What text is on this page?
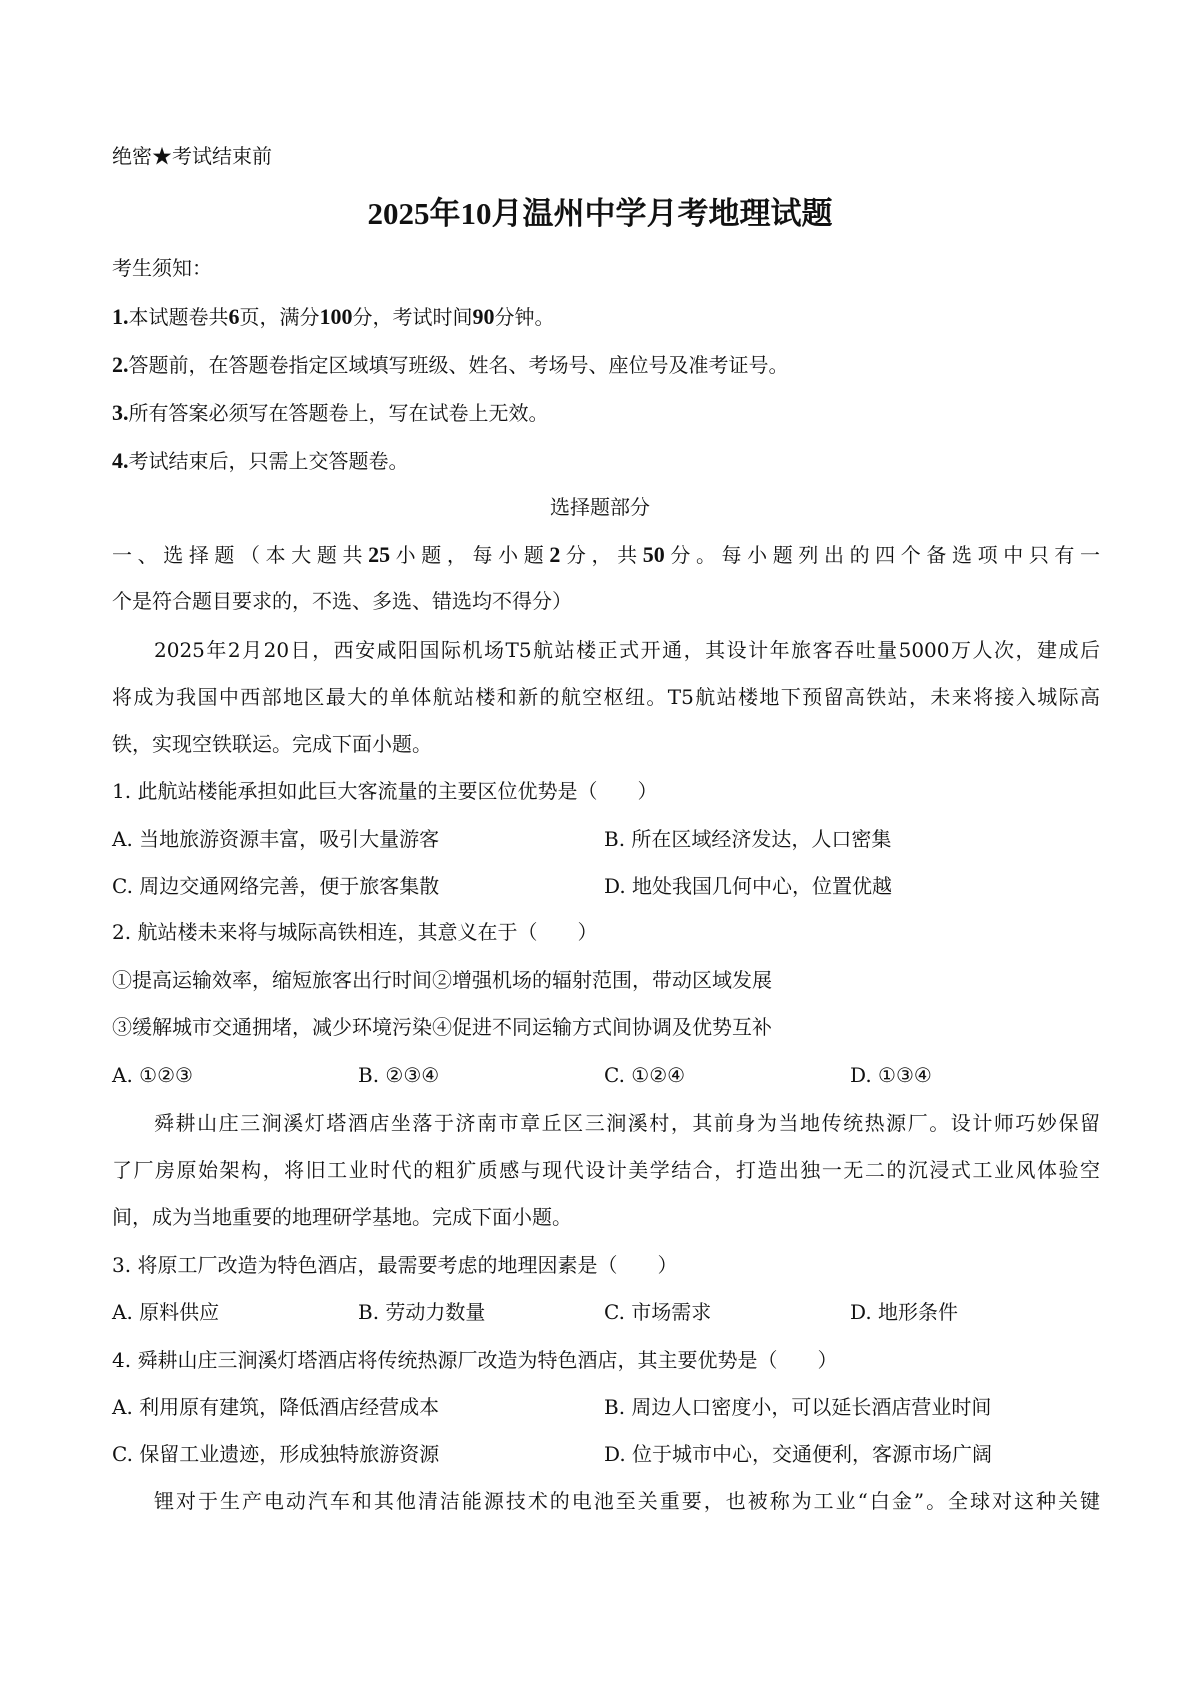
绝密★考试结束前
2025年10月温州中学月考地理试题
考生须知：
1.本试题卷共6页，满分100分，考试时间90分钟。
2.答题前，在答题卷指定区域填写班级、姓名、考场号、座位号及准考证号。
3.所有答案必须写在答题卷上，写在试卷上无效。
4.考试结束后，只需上交答题卷。
选择题部分
一、选择题（本大题共25小题，每小题2分，共50分。每小题列出的四个备选项中只有一
个是符合题目要求的，不选、多选、错选均不得分）
2025年2月20日，西安咸阳国际机场T5航站楼正式开通，其设计年旅客吞吐量5000万人次，建成后
将成为我国中西部地区最大的单体航站楼和新的航空枢纽。T5航站楼地下预留高铁站，未来将接入城际高
铁，实现空铁联运。完成下面小题。
1. 此航站楼能承担如此巨大客流量的主要区位优势是（　　）
A. 当地旅游资源丰富，吸引大量游客	B. 所在区域经济发达，人口密集
C. 周边交通网络完善，便于旅客集散	D. 地处我国几何中心，位置优越
2. 航站楼未来将与城际高铁相连，其意义在于（　　）
①提高运输效率，缩短旅客出行时间②增强机场的辐射范围，带动区域发展
③缓解城市交通拥堵，减少环境污染④促进不同运输方式间协调及优势互补
A. ①②③	B. ②③④	C. ①②④	D. ①③④
舜耕山庄三涧溪灯塔酒店坐落于济南市章丘区三涧溪村，其前身为当地传统热源厂。设计师巧妙保留
了厂房原始架构，将旧工业时代的粗犷质感与现代设计美学结合，打造出独一无二的沉浸式工业风体验空
间，成为当地重要的地理研学基地。完成下面小题。
3. 将原工厂改造为特色酒店，最需要考虑的地理因素是（　　）
A. 原料供应	B. 劳动力数量	C. 市场需求	D. 地形条件
4. 舜耕山庄三涧溪灯塔酒店将传统热源厂改造为特色酒店，其主要优势是（　　）
A. 利用原有建筑，降低酒店经营成本	B. 周边人口密度小，可以延长酒店营业时间
C. 保留工业遗迹，形成独特旅游资源	D. 位于城市中心，交通便利，客源市场广阔
锂对于生产电动汽车和其他清洁能源技术的电池至关重要，也被称为工业“白金”。全球对这种关键
